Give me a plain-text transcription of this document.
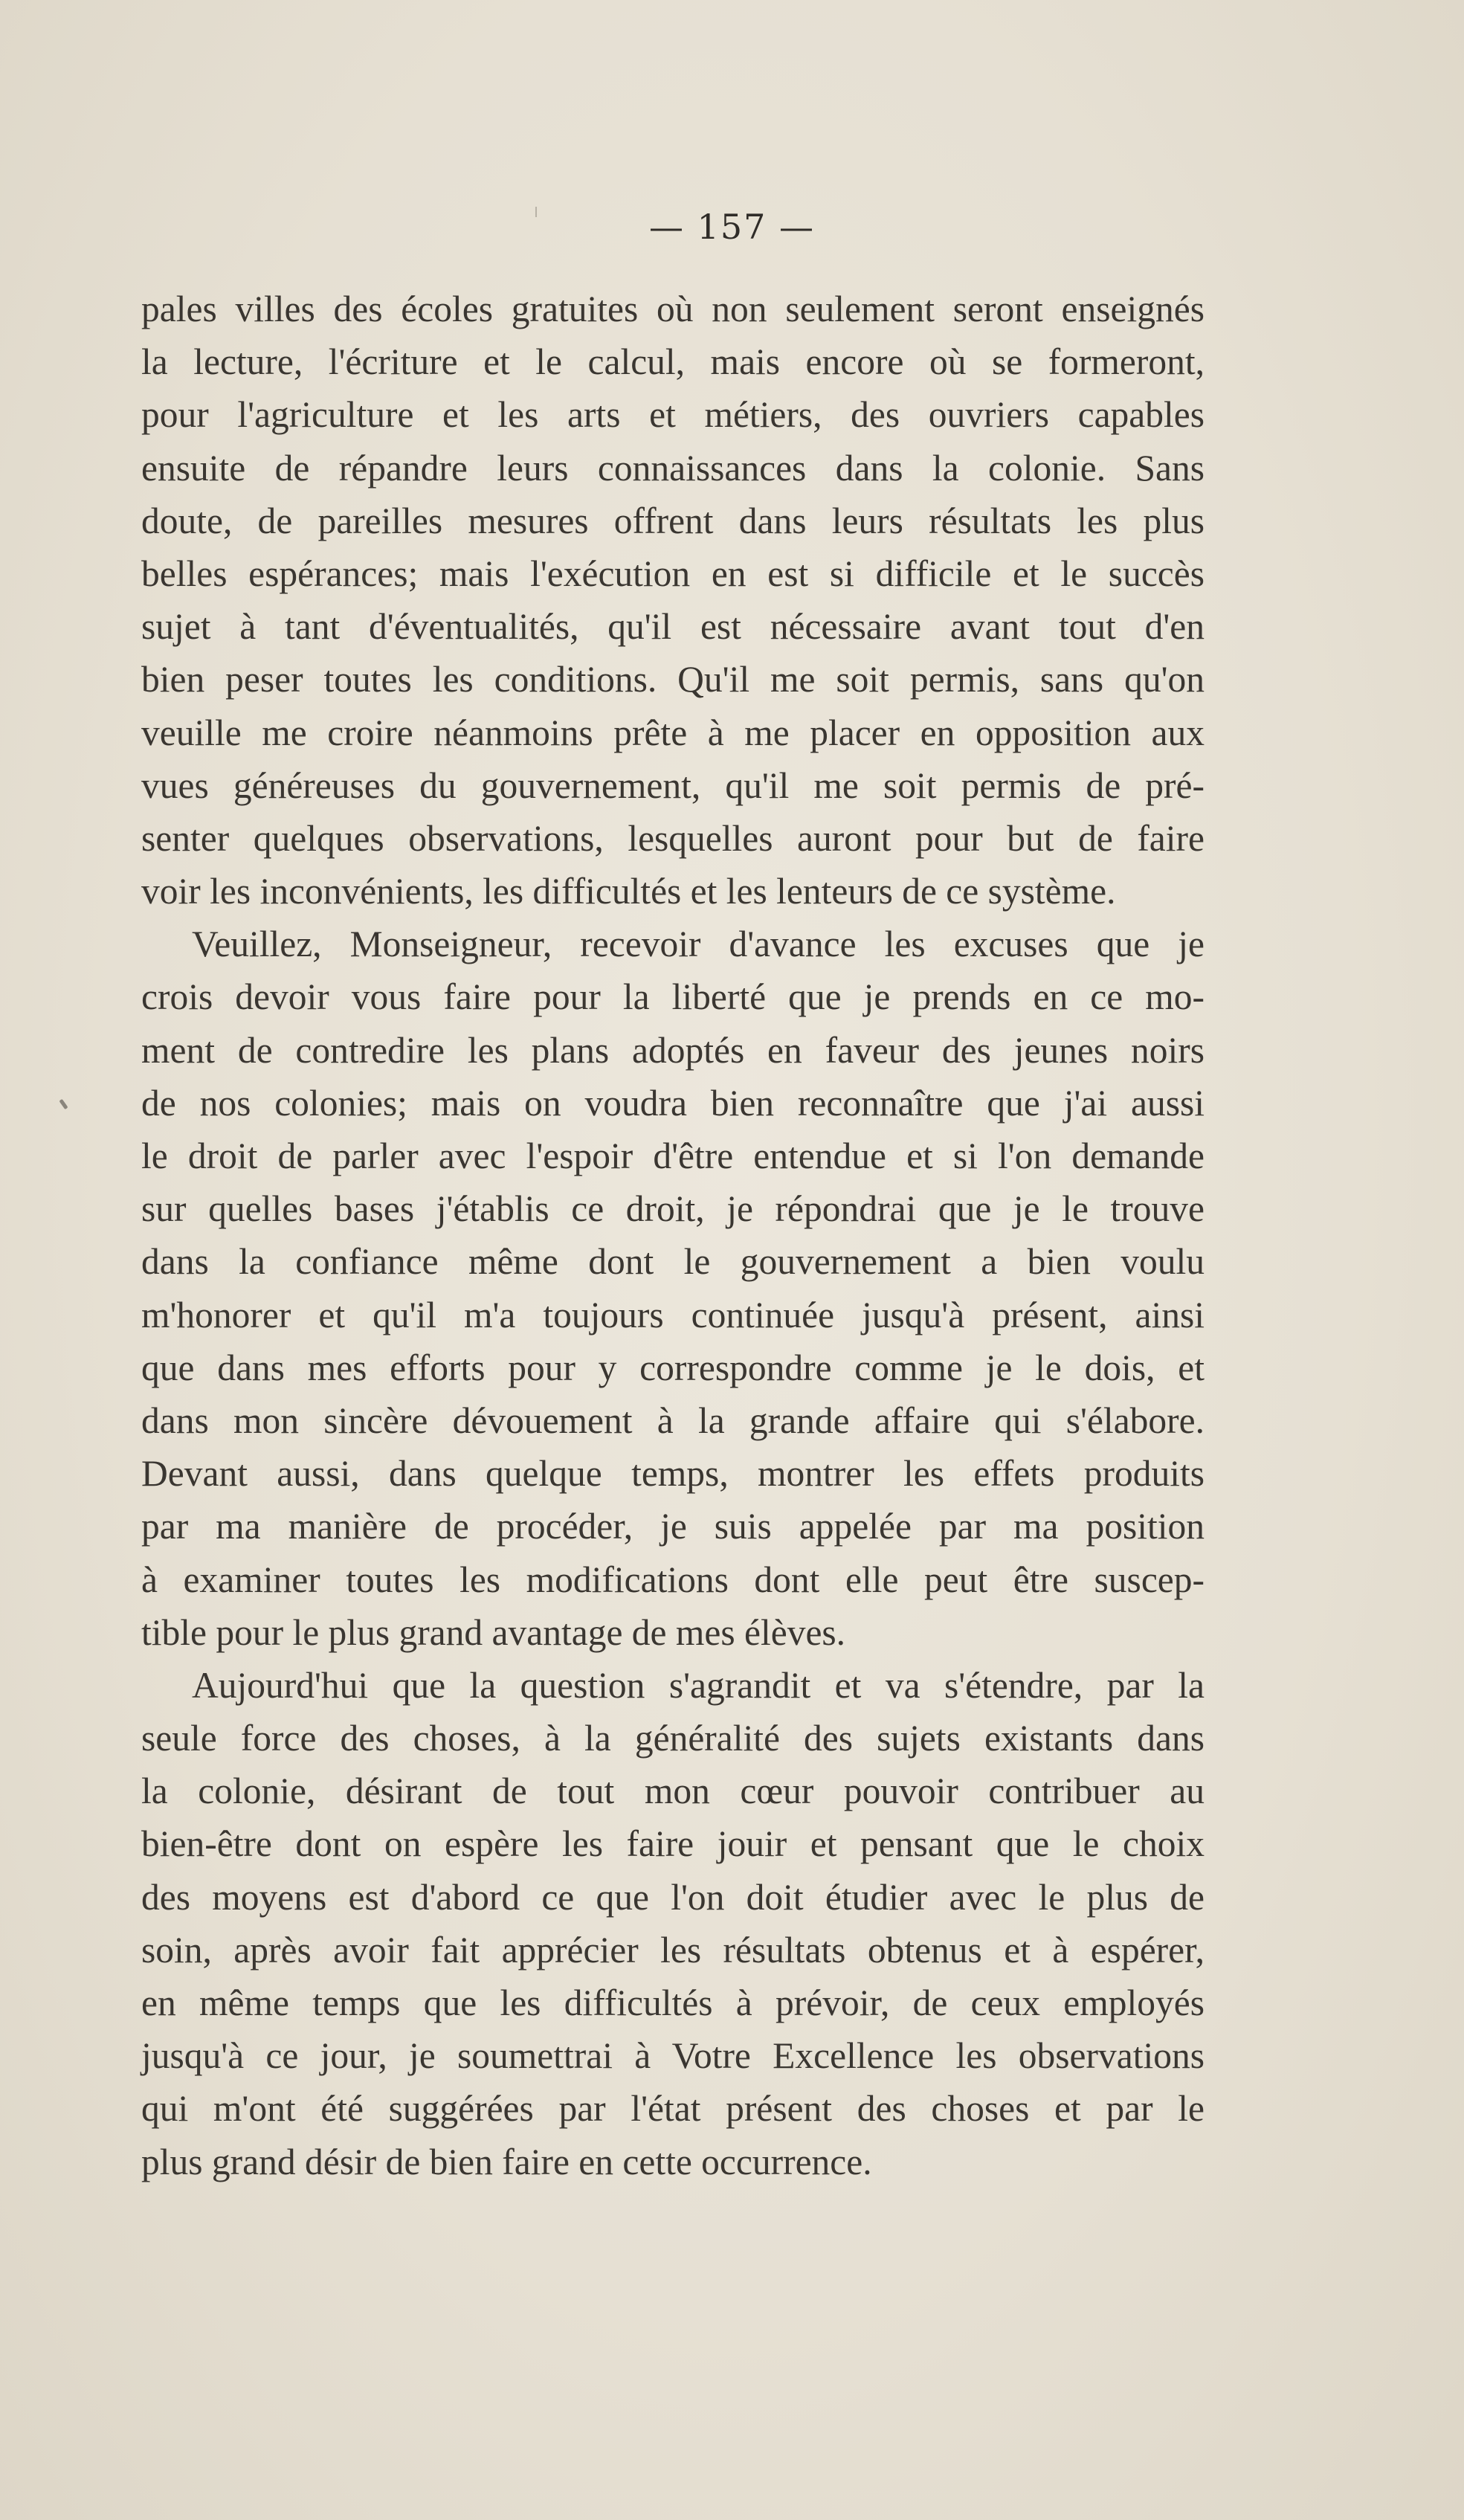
— 157 —
pales villes des écoles gratuites où non seulement seront enseignés
la lecture, l'écriture et le calcul, mais encore où se formeront,
pour l'agriculture et les arts et métiers, des ouvriers capables
ensuite de répandre leurs connaissances dans la colonie. Sans
doute, de pareilles mesures offrent dans leurs résultats les plus
belles espérances; mais l'exécution en est si difficile et le succès
sujet à tant d'éventualités, qu'il est nécessaire avant tout d'en
bien peser toutes les conditions. Qu'il me soit permis, sans qu'on
veuille me croire néanmoins prête à me placer en opposition aux
vues généreuses du gouvernement, qu'il me soit permis de pré-
senter quelques observations, lesquelles auront pour but de faire
voir les inconvénients, les difficultés et les lenteurs de ce système.
Veuillez, Monseigneur, recevoir d'avance les excuses que je
crois devoir vous faire pour la liberté que je prends en ce mo-
ment de contredire les plans adoptés en faveur des jeunes noirs
de nos colonies; mais on voudra bien reconnaître que j'ai aussi
le droit de parler avec l'espoir d'être entendue et si l'on demande
sur quelles bases j'établis ce droit, je répondrai que je le trouve
dans la confiance même dont le gouvernement a bien voulu
m'honorer et qu'il m'a toujours continuée jusqu'à présent, ainsi
que dans mes efforts pour y correspondre comme je le dois, et
dans mon sincère dévouement à la grande affaire qui s'élabore.
Devant aussi, dans quelque temps, montrer les effets produits
par ma manière de procéder, je suis appelée par ma position
à examiner toutes les modifications dont elle peut être suscep-
tible pour le plus grand avantage de mes élèves.
Aujourd'hui que la question s'agrandit et va s'étendre, par la
seule force des choses, à la généralité des sujets existants dans
la colonie, désirant de tout mon cœur pouvoir contribuer au
bien-être dont on espère les faire jouir et pensant que le choix
des moyens est d'abord ce que l'on doit étudier avec le plus de
soin, après avoir fait apprécier les résultats obtenus et à espérer,
en même temps que les difficultés à prévoir, de ceux employés
jusqu'à ce jour, je soumettrai à Votre Excellence les observations
qui m'ont été suggérées par l'état présent des choses et par le
plus grand désir de bien faire en cette occurrence.
